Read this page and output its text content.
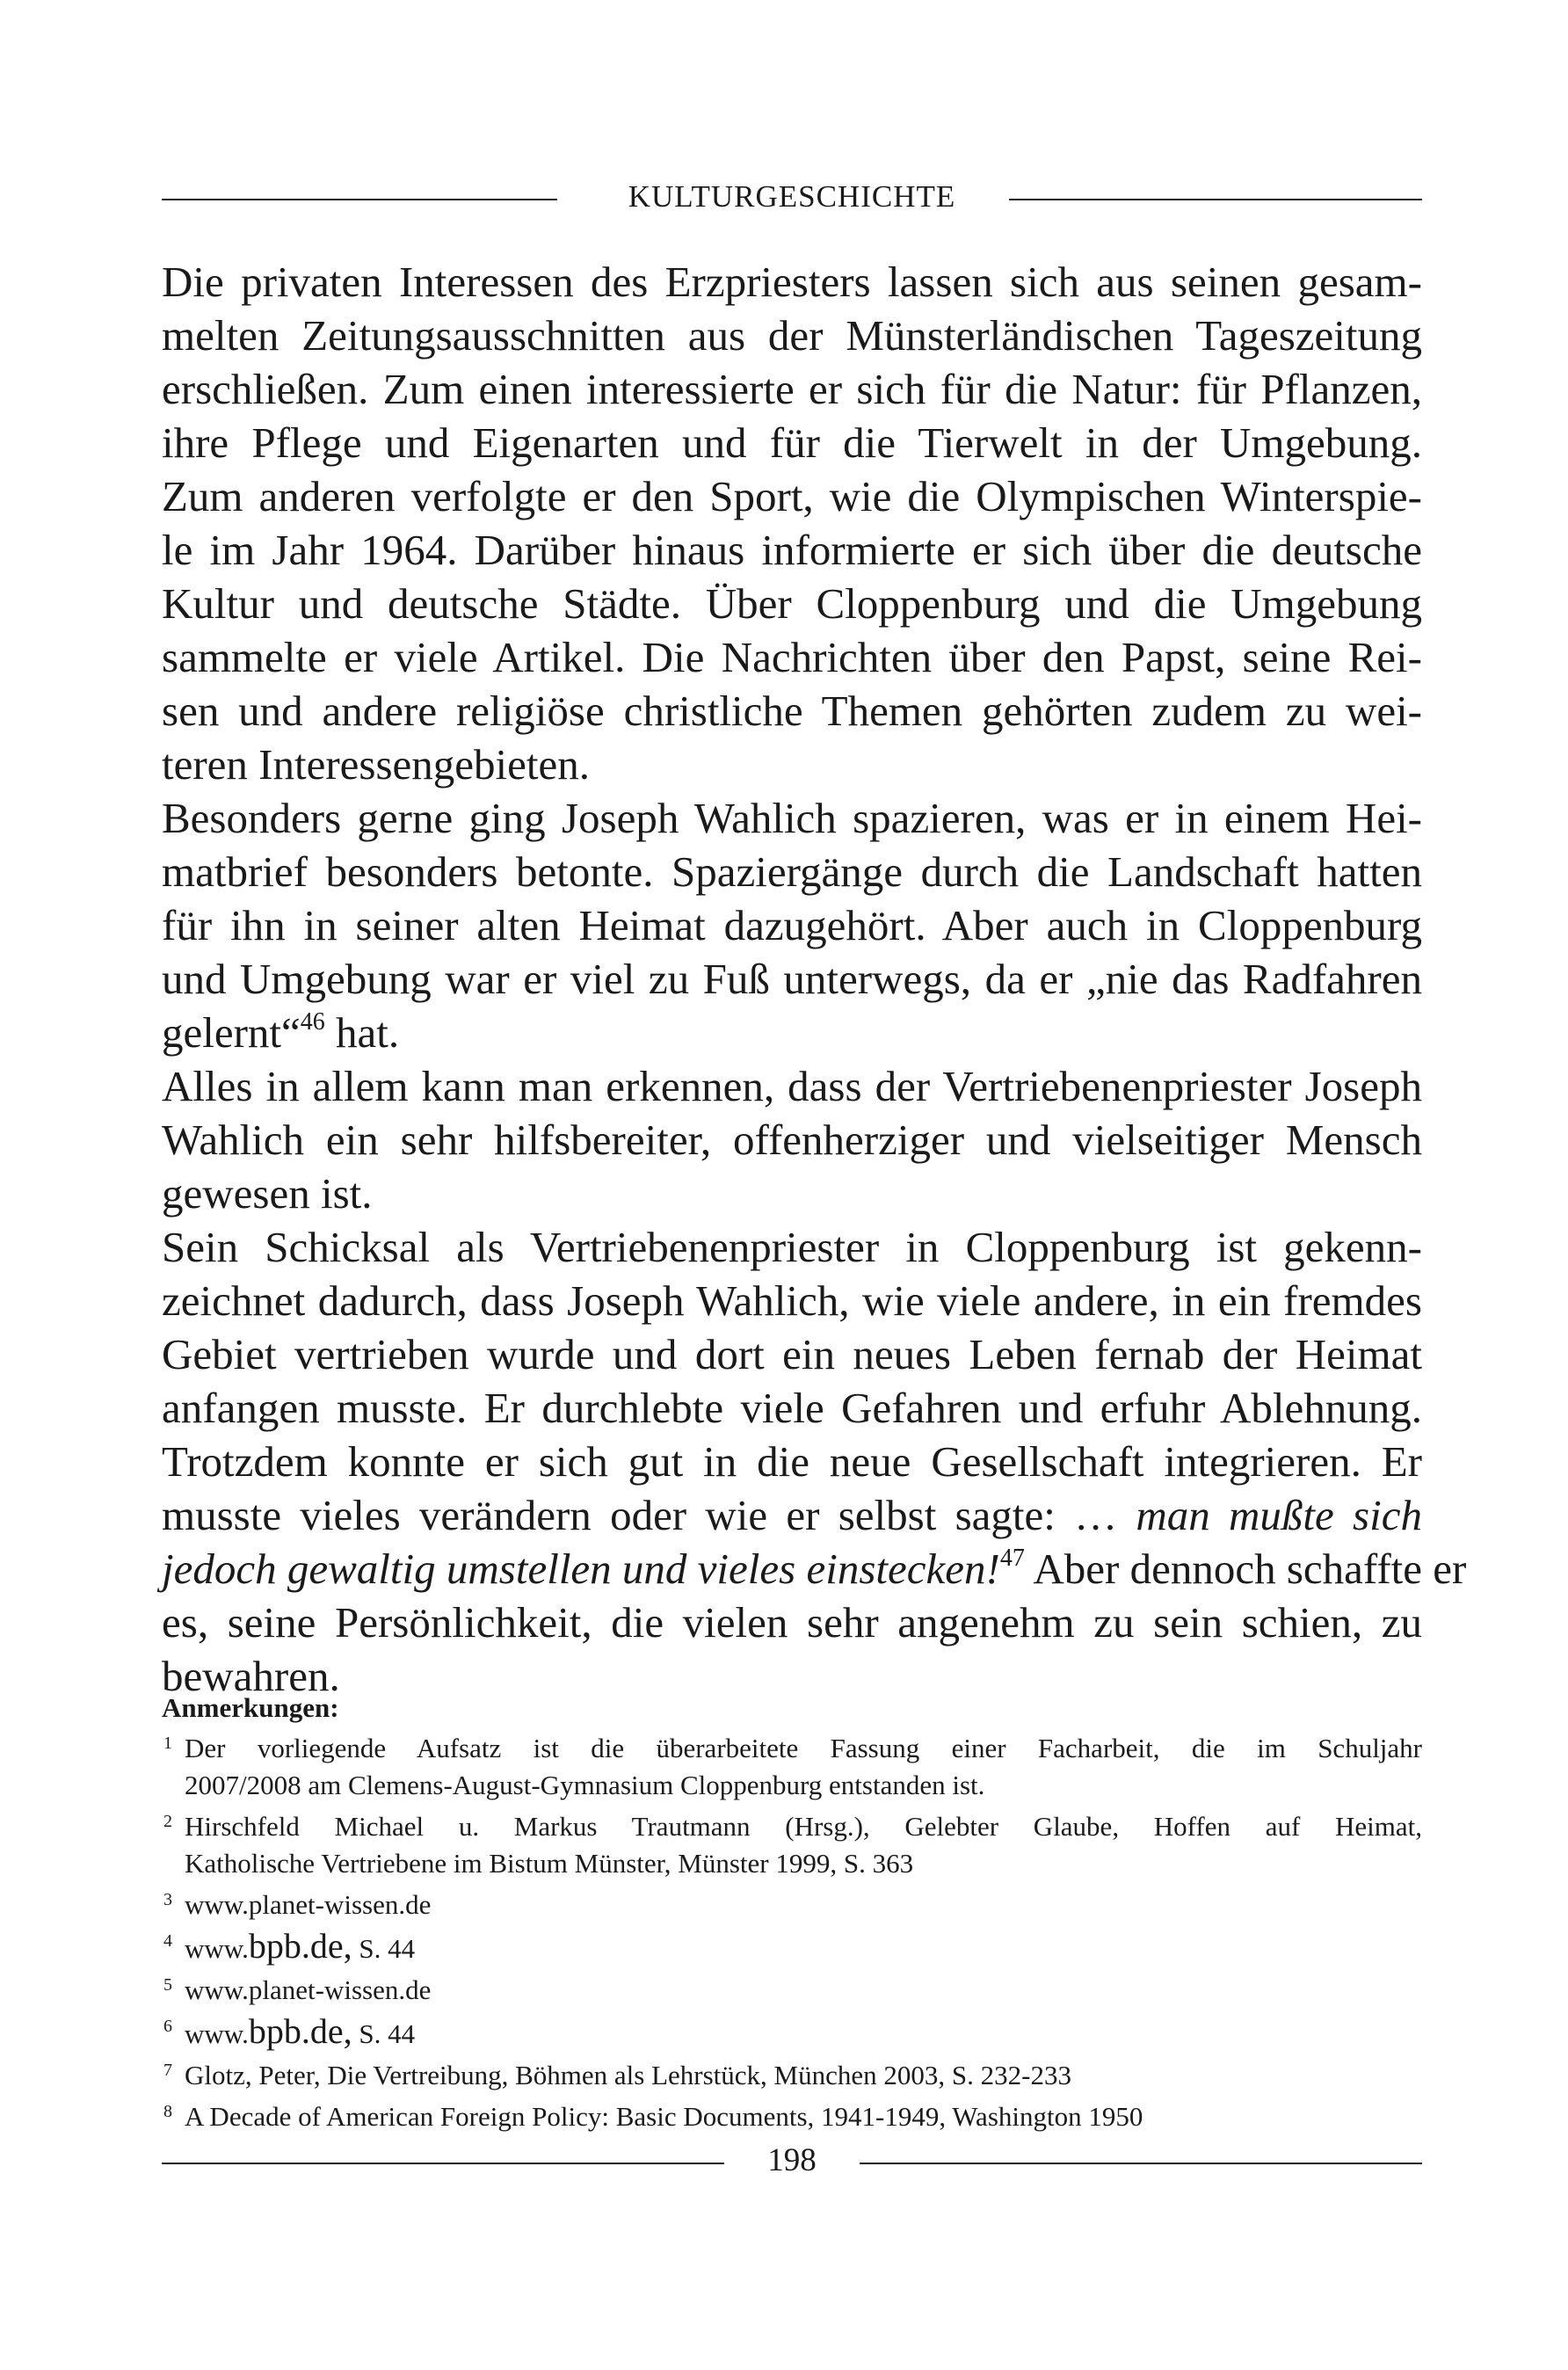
KULTURGESCHICHTE
Die privaten Interessen des Erzpriesters lassen sich aus seinen gesam-
melten Zeitungsausschnitten aus der Münsterländischen Tageszeitung
erschließen. Zum einen interessierte er sich für die Natur: für Pflanzen,
ihre Pflege und Eigenarten und für die Tierwelt in der Umgebung.
Zum anderen verfolgte er den Sport, wie die Olympischen Winterspie-
le im Jahr 1964. Darüber hinaus informierte er sich über die deutsche
Kultur und deutsche Städte. Über Cloppenburg und die Umgebung
sammelte er viele Artikel. Die Nachrichten über den Papst, seine Rei-
sen und andere religiöse christliche Themen gehörten zudem zu wei-
teren Interessengebieten.
Besonders gerne ging Joseph Wahlich spazieren, was er in einem Hei-
matbrief besonders betonte. Spaziergänge durch die Landschaft hatten
für ihn in seiner alten Heimat dazugehört. Aber auch in Cloppenburg
und Umgebung war er viel zu Fuß unterwegs, da er „nie das Radfahren
gelernt“$^{46}$ hat.
Alles in allem kann man erkennen, dass der Vertriebenenpriester Joseph
Wahlich ein sehr hilfsbereiter, offenherziger und vielseitiger Mensch
gewesen ist.
Sein Schicksal als Vertriebenenpriester in Cloppenburg ist gekenn-
zeichnet dadurch, dass Joseph Wahlich, wie viele andere, in ein fremdes
Gebiet vertrieben wurde und dort ein neues Leben fernab der Heimat
anfangen musste. Er durchlebte viele Gefahren und erfuhr Ablehnung.
Trotzdem konnte er sich gut in die neue Gesellschaft integrieren. Er
musste vieles verändern oder wie er selbst sagte: … man mußte sich
jedoch gewaltig umstellen und vieles einstecken!$^{47}$ Aber dennoch schaffte er
es, seine Persönlichkeit, die vielen sehr angenehm zu sein schien, zu
bewahren.
Anmerkungen:
1 Der vorliegende Aufsatz ist die überarbeitete Fassung einer Facharbeit, die im Schuljahr
2007/2008 am Clemens-August-Gymnasium Cloppenburg entstanden ist.
2 Hirschfeld Michael u. Markus Trautmann (Hrsg.), Gelebter Glaube, Hoffen auf Heimat,
Katholische Vertriebene im Bistum Münster, Münster 1999, S. 363
3 www.planet-wissen.de
4 www.bpb.de, S. 44
5 www.planet-wissen.de
6 www.bpb.de, S. 44
7 Glotz, Peter, Die Vertreibung, Böhmen als Lehrstück, München 2003, S. 232-233
8 A Decade of American Foreign Policy: Basic Documents, 1941-1949, Washington 1950
198
